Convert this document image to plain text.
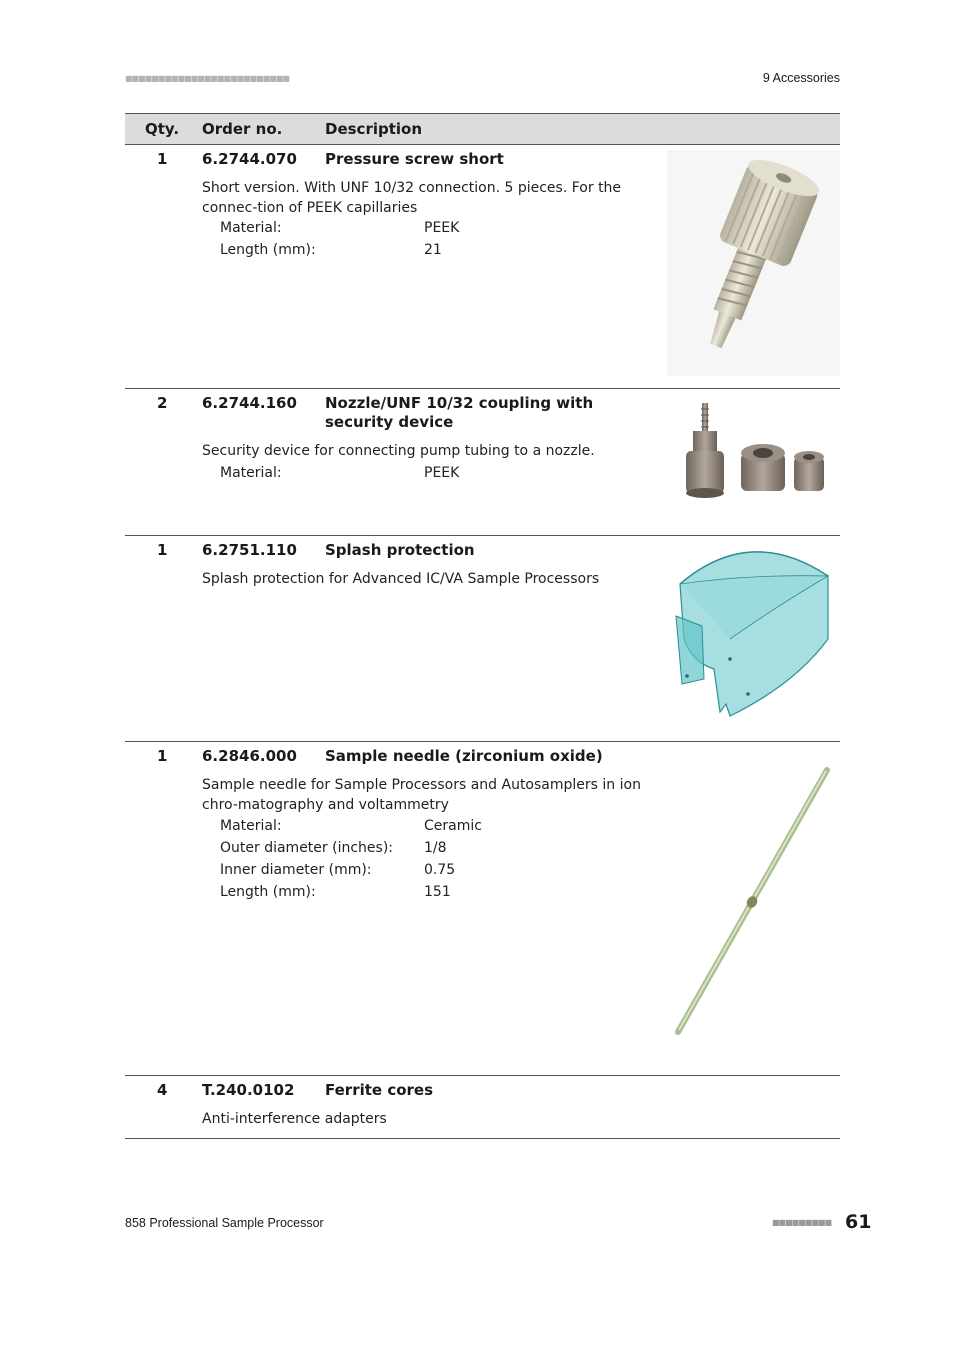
■■■■■■■■■■■■■■■■■■■■■■■■■	9 Accessories
Qty. Order no.	Description
1 6.2744.070 Pressure screw short
Short version. With UNF 10/32 connection. 5 pieces. For the connec-tion of PEEK capillaries
Material:	PEEK
Length (mm):	21
2 6.2744.160 Nozzle/UNF 10/32 coupling with security device
Security device for connecting pump tubing to a nozzle.
Material:	PEEK
1 6.2751.110 Splash protection
Splash protection for Advanced IC/VA Sample Processors
1 6.2846.000 Sample needle (zirconium oxide)
Sample needle for Sample Processors and Autosamplers in ion chro-matography and voltammetry
Material:	Ceramic
Outer diameter (inches): 1/8
Inner diameter (mm):	0.75
Length (mm):	151
4 T.240.0102 Ferrite cores
Anti-interference adapters
858 Professional Sample Processor	■■■■■■■■■ 61
